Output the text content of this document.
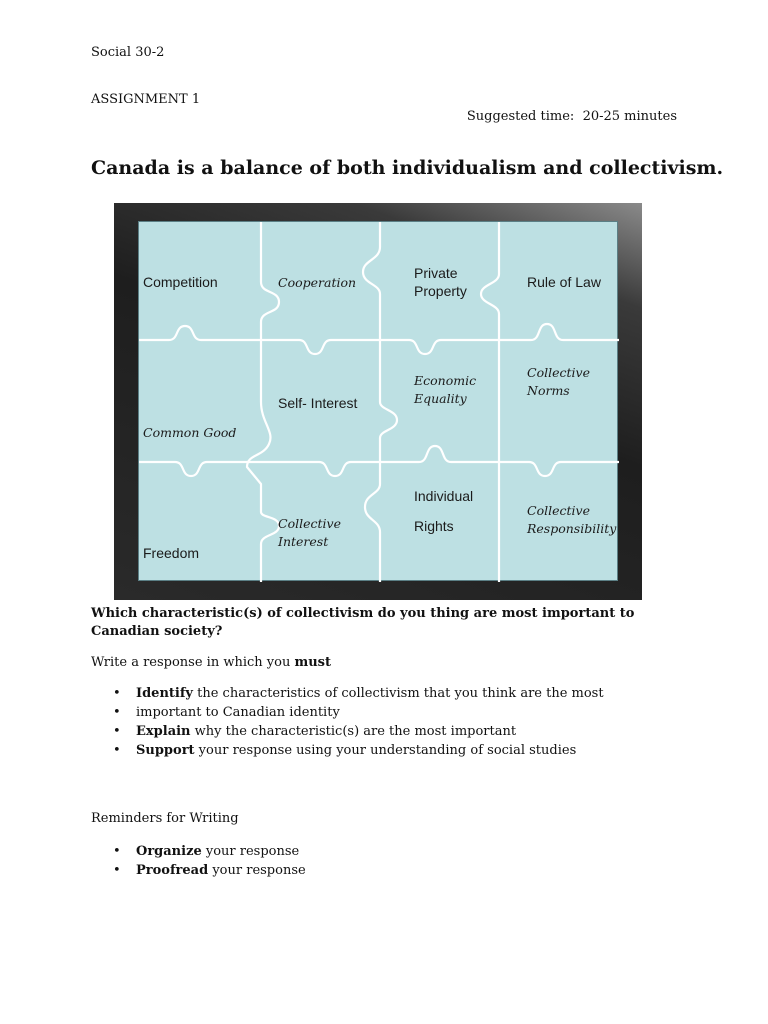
Social 30-2
ASSIGNMENT 1
Suggested time: 20-25 minutes
Canada is a balance of both individualism and collectivism.
Competition	Cooperation
Private Property
Rule of Law
Common Good
Self- Interest
Economic Equality
Collective Norms
Freedom
Collective Interest
Individual Rights
Collective Responsibility
Which characteristic(s) of collectivism do you thing are most important to Canadian society?
Write a response in which you must
• Identify the characteristics of collectivism that you think are the most
• important to Canadian identity
• Explain why the characteristic(s) are the most important
• Support your response using your understanding of social studies
Reminders for Writing
• Organize your response
• Proofread your response
